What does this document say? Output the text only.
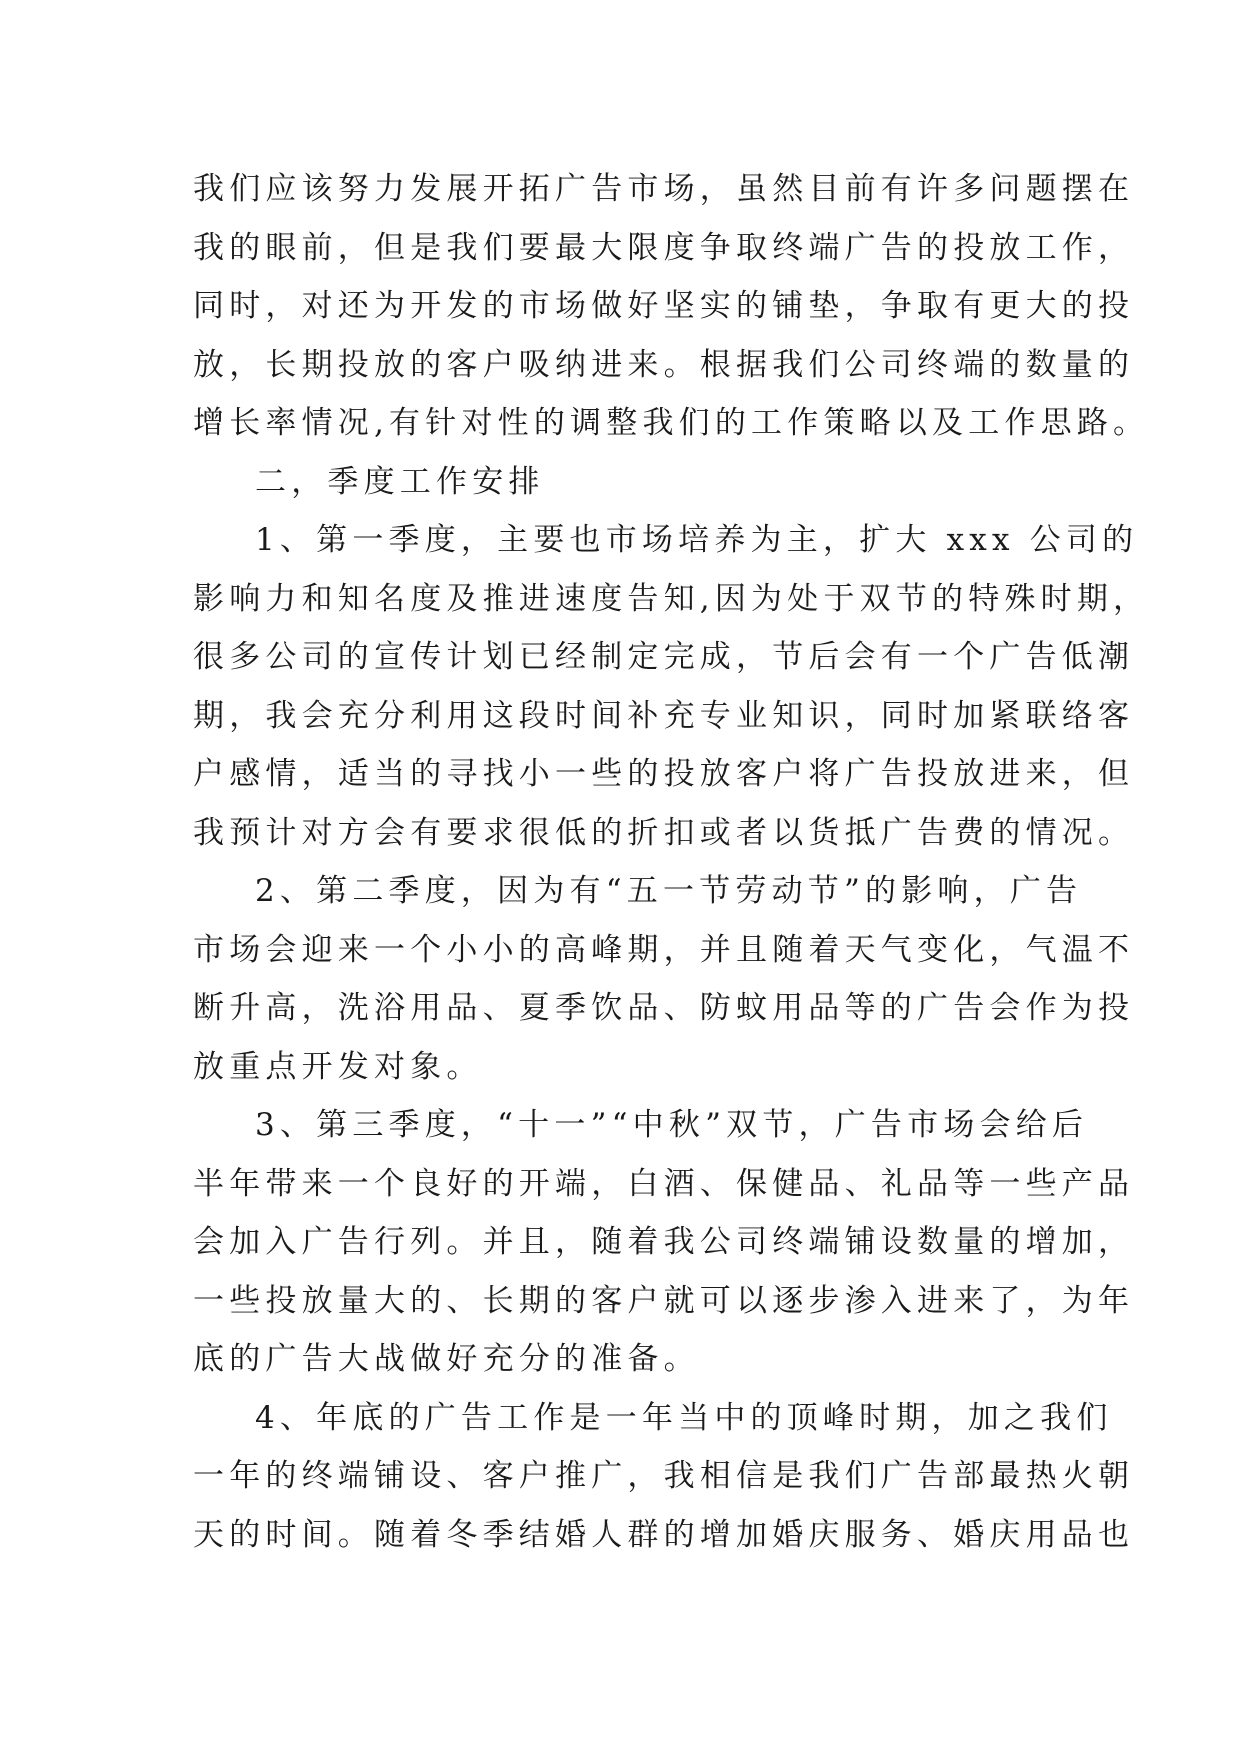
我们应该努力发展开拓广告市场，虽然目前有许多问题摆在
我的眼前，但是我们要最大限度争取终端广告的投放工作，
同时，对还为开发的市场做好坚实的铺垫，争取有更大的投
放，长期投放的客户吸纳进来。根据我们公司终端的数量的
增长率情况,有针对性的调整我们的工作策略以及工作思路。
二，季度工作安排
1、第一季度，主要也市场培养为主，扩大 xxx 公司的
影响力和知名度及推进速度告知,因为处于双节的特殊时期，
很多公司的宣传计划已经制定完成，节后会有一个广告低潮
期，我会充分利用这段时间补充专业知识，同时加紧联络客
户感情，适当的寻找小一些的投放客户将广告投放进来，但
我预计对方会有要求很低的折扣或者以货抵广告费的情况。
2、第二季度，因为有“五一节劳动节”的影响，广告
市场会迎来一个小小的高峰期，并且随着天气变化，气温不
断升高，洗浴用品、夏季饮品、防蚊用品等的广告会作为投
放重点开发对象。
3、第三季度，“十一”“中秋”双节，广告市场会给后
半年带来一个良好的开端，白酒、保健品、礼品等一些产品
会加入广告行列。并且，随着我公司终端铺设数量的增加，
一些投放量大的、长期的客户就可以逐步渗入进来了，为年
底的广告大战做好充分的准备。
4、年底的广告工作是一年当中的顶峰时期，加之我们
一年的终端铺设、客户推广，我相信是我们广告部最热火朝
天的时间。随着冬季结婚人群的增加婚庆服务、婚庆用品也
